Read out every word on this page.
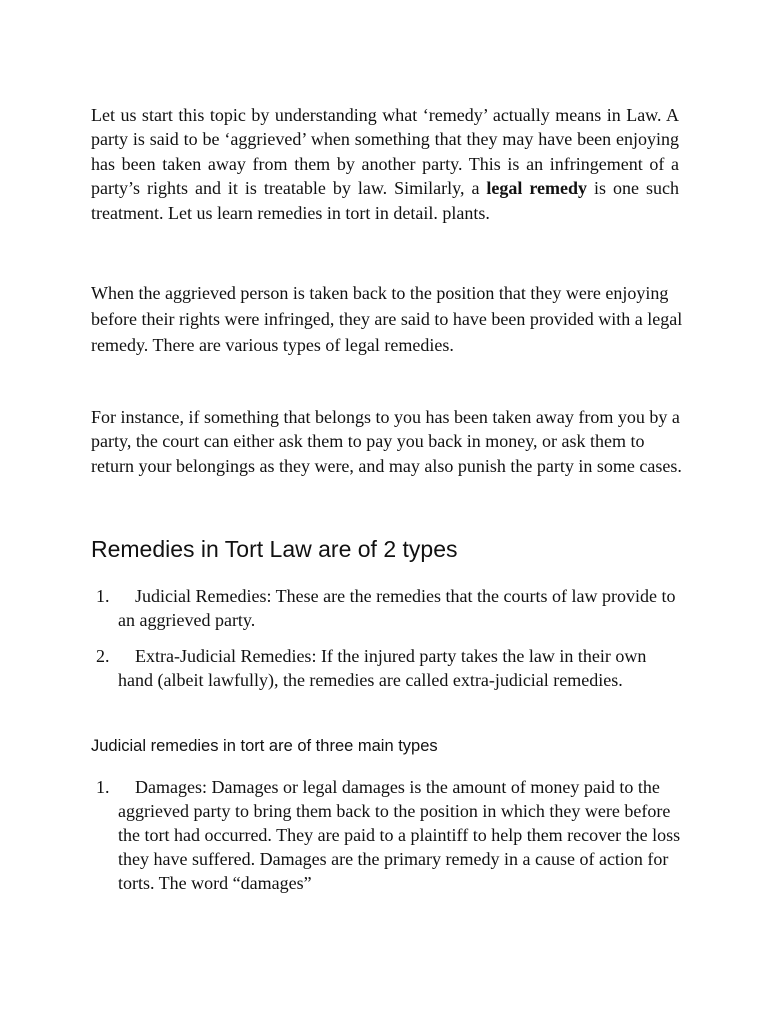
Let us start this topic by understanding what ‘remedy’ actually means in Law. A party is said to be ‘aggrieved’ when something that they may have been enjoying has been taken away from them by another party. This is an infringement of a party’s rights and it is treatable by law. Similarly, a legal remedy is one such treatment. Let us learn remedies in tort in detail. plants.

When the aggrieved person is taken back to the position that they were enjoying before their rights were infringed, they are said to have been provided with a legal remedy. There are various types of legal remedies.

For instance, if something that belongs to you has been taken away from you by a party, the court can either ask them to pay you back in money, or ask them to return your belongings as they were, and may also punish the party in some cases.

Remedies in Tort Law are of 2 types
1. Judicial Remedies: These are the remedies that the courts of law provide to an aggrieved party.
2. Extra-Judicial Remedies: If the injured party takes the law in their own hand (albeit lawfully), the remedies are called extra-judicial remedies.
Judicial remedies in tort are of three main types
1. Damages: Damages or legal damages is the amount of money paid to the aggrieved party to bring them back to the position in which they were before the tort had occurred. They are paid to a plaintiff to help them recover the loss they have suffered. Damages are the primary remedy in a cause of action for torts. The word “damages”
